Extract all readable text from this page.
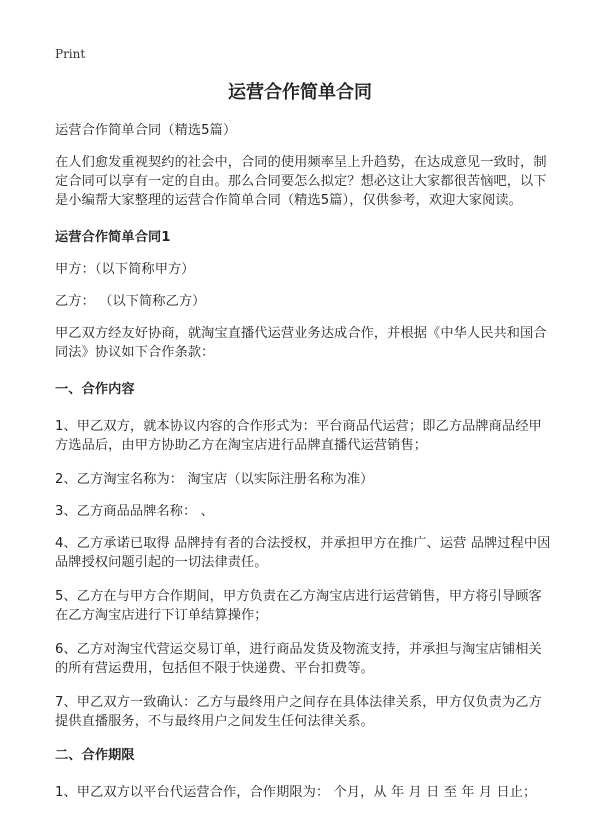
Print
运营合作简单合同

运营合作简单合同（精选5篇）

在人们愈发重视契约的社会中，合同的使用频率呈上升趋势，在达成意见一致时，制定合同可以享有一定的自由。那么合同要怎么拟定？想必这让大家都很苦恼吧，以下是小编帮大家整理的运营合作简单合同（精选5篇），仅供参考，欢迎大家阅读。

运营合作简单合同1

甲方：（以下简称甲方）

乙方： （以下简称乙方）

甲乙双方经友好协商，就淘宝直播代运营业务达成合作，并根据《中华人民共和国合同法》协议如下合作条款：

一、合作内容

1、甲乙双方，就本协议内容的合作形式为：平台商品代运营；即乙方品牌商品经甲方选品后，由甲方协助乙方在淘宝店进行品牌直播代运营销售；

2、乙方淘宝名称为： 淘宝店（以实际注册名称为准）

3、乙方商品品牌名称： 、

4、乙方承诺已取得 品牌持有者的合法授权，并承担甲方在推广、运营 品牌过程中因品牌授权问题引起的一切法律责任。

5、乙方在与甲方合作期间，甲方负责在乙方淘宝店进行运营销售，甲方将引导顾客在乙方淘宝店进行下订单结算操作；

6、乙方对淘宝代营运交易订单，进行商品发货及物流支持，并承担与淘宝店铺相关的所有营运费用，包括但不限于快递费、平台扣费等。

7、甲乙双方一致确认：乙方与最终用户之间存在具体法律关系，甲方仅负责为乙方提供直播服务，不与最终用户之间发生任何法律关系。

二、合作期限

1、甲乙双方以平台代运营合作，合作期限为： 个月，从 年 月 日 至 年 月 日止；
